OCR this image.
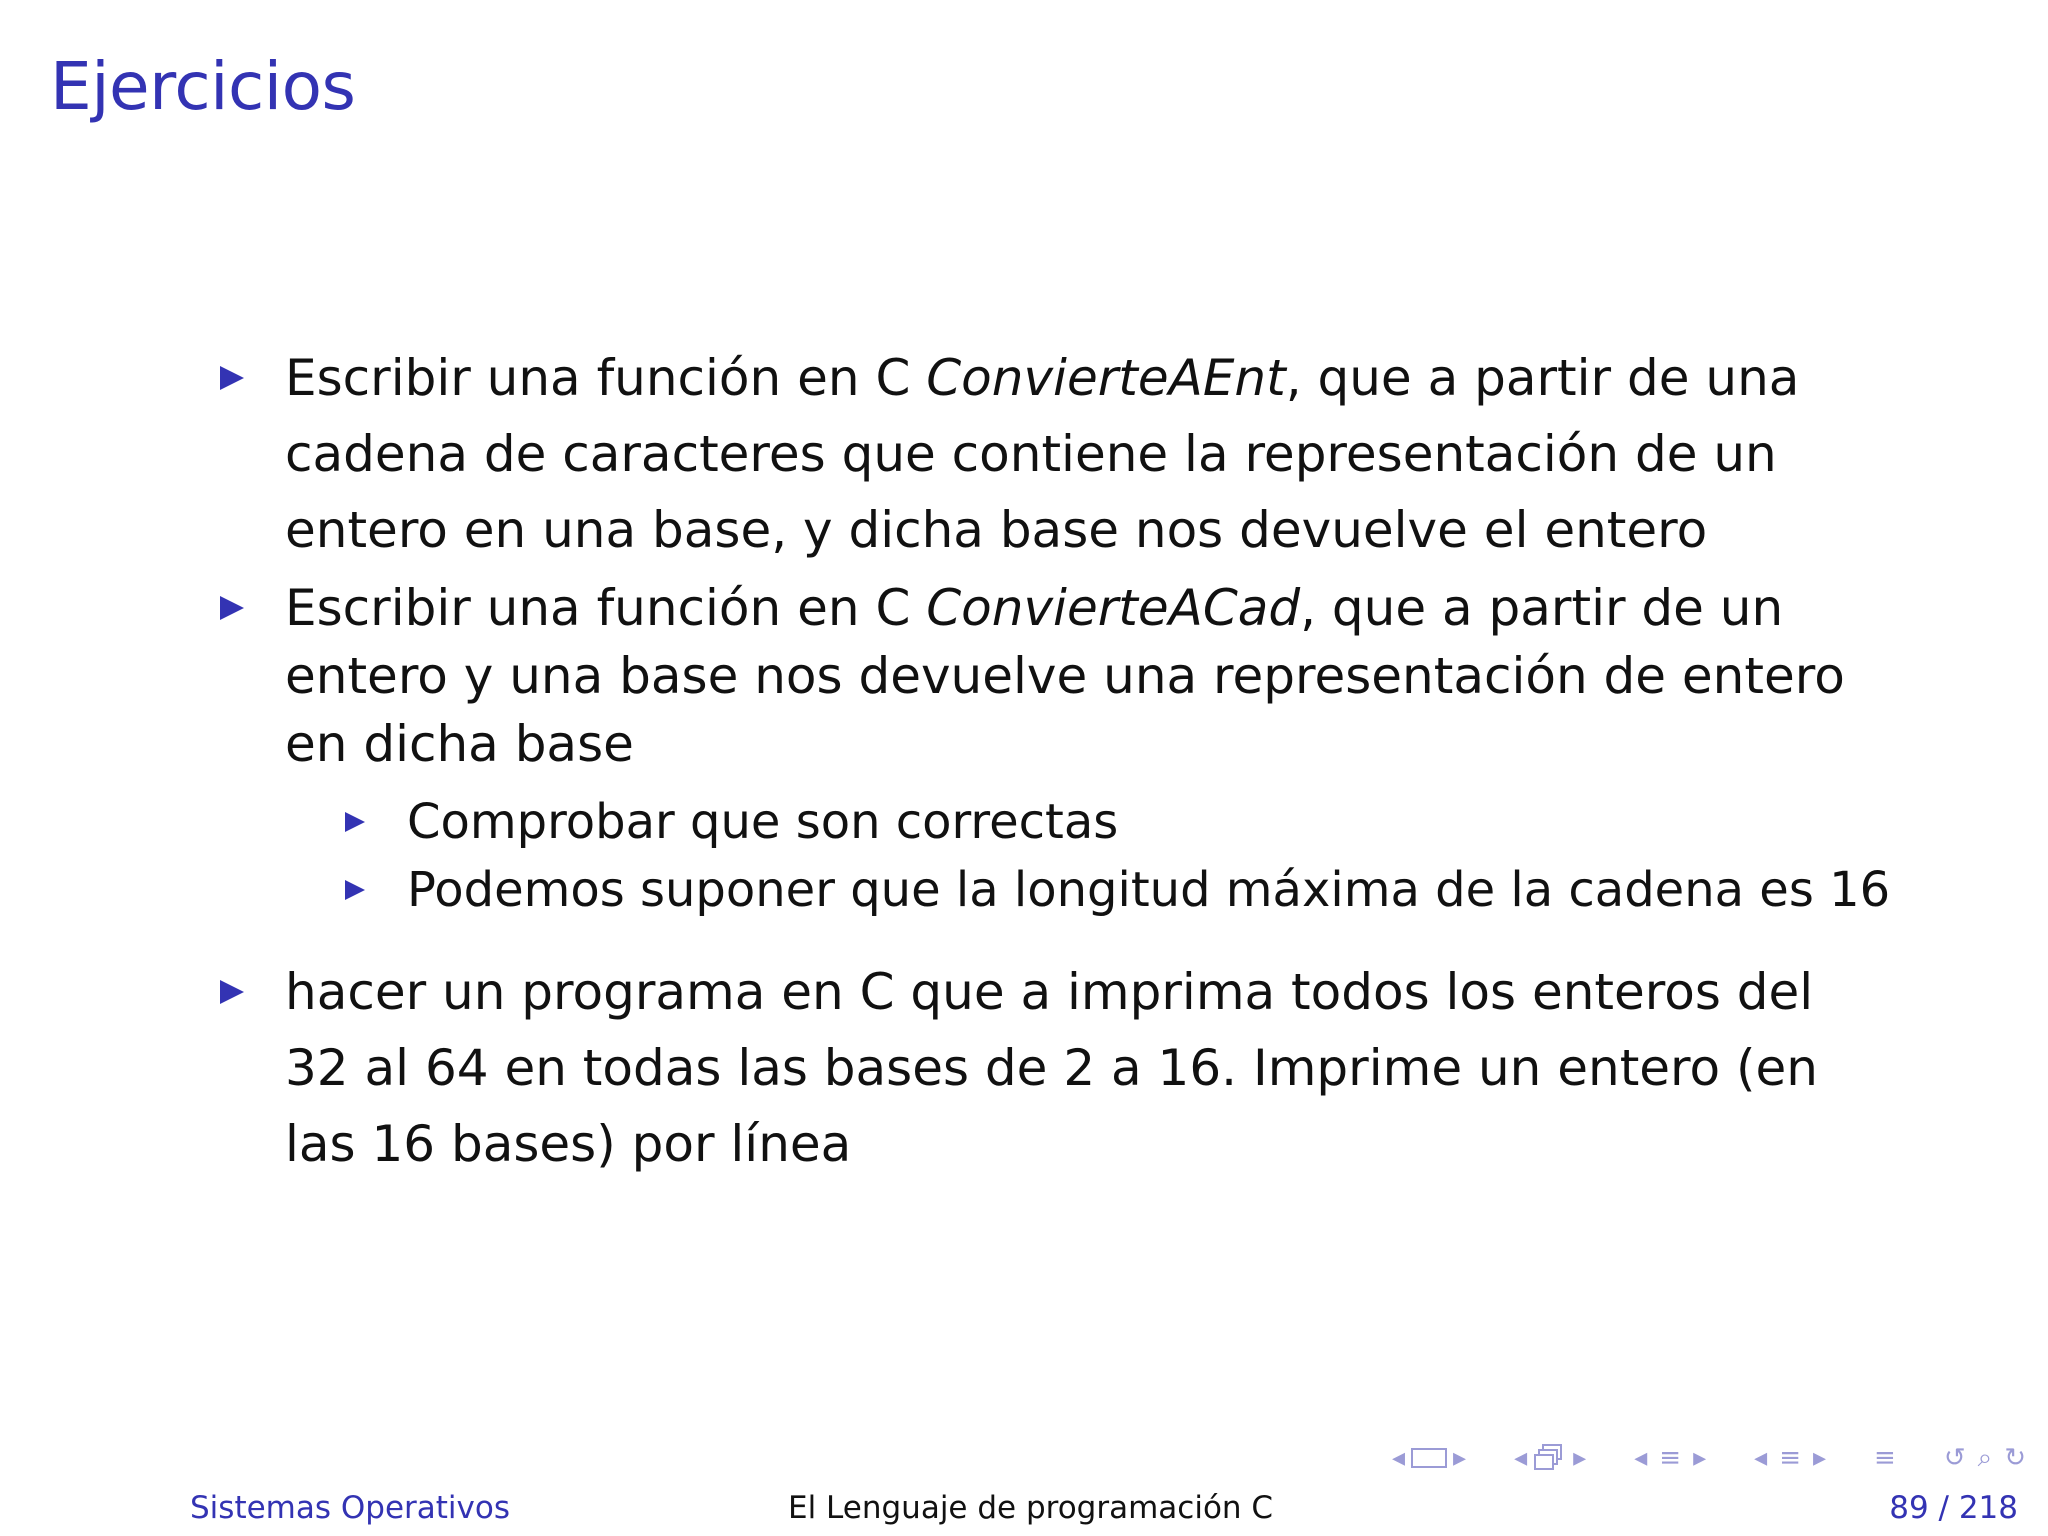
Ejercicios
Escribir una función en C ConvierteAEnt, que a partir de una
cadena de caracteres que contiene la representación de un
entero en una base, y dicha base nos devuelve el entero
Escribir una función en C ConvierteACad, que a partir de un
entero y una base nos devuelve una representación de entero
en dicha base
Comprobar que son correctas
Podemos suponer que la longitud máxima de la cadena es 16
hacer un programa en C que a imprima todos los enteros del
32 al 64 en todas las bases de 2 a 16. Imprime un entero (en
las 16 bases) por línea
◂ ▸ ◂ ▸ ◂ ≡ ▸ ◂ ≡ ▸ ≡ ↺ ⌕ ↻
Sistemas Operativos	El Lenguaje de programación C	89 / 218
